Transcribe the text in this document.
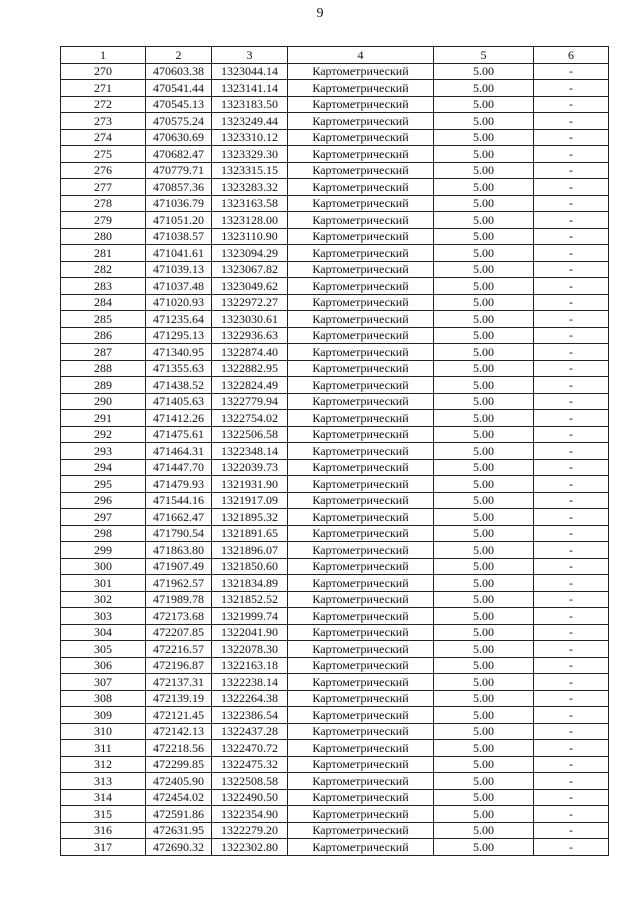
9
1	2	3	4	5	6
270	470603.38	1323044.14	Картометрический	5.00	-
271	470541.44	1323141.14	Картометрический	5.00	-
272	470545.13	1323183.50	Картометрический	5.00	-
273	470575.24	1323249.44	Картометрический	5.00	-
274	470630.69	1323310.12	Картометрический	5.00	-
275	470682.47	1323329.30	Картометрический	5.00	-
276	470779.71	1323315.15	Картометрический	5.00	-
277	470857.36	1323283.32	Картометрический	5.00	-
278	471036.79	1323163.58	Картометрический	5.00	-
279	471051.20	1323128.00	Картометрический	5.00	-
280	471038.57	1323110.90	Картометрический	5.00	-
281	471041.61	1323094.29	Картометрический	5.00	-
282	471039.13	1323067.82	Картометрический	5.00	-
283	471037.48	1323049.62	Картометрический	5.00	-
284	471020.93	1322972.27	Картометрический	5.00	-
285	471235.64	1323030.61	Картометрический	5.00	-
286	471295.13	1322936.63	Картометрический	5.00	-
287	471340.95	1322874.40	Картометрический	5.00	-
288	471355.63	1322882.95	Картометрический	5.00	-
289	471438.52	1322824.49	Картометрический	5.00	-
290	471405.63	1322779.94	Картометрический	5.00	-
291	471412.26	1322754.02	Картометрический	5.00	-
292	471475.61	1322506.58	Картометрический	5.00	-
293	471464.31	1322348.14	Картометрический	5.00	-
294	471447.70	1322039.73	Картометрический	5.00	-
295	471479.93	1321931.90	Картометрический	5.00	-
296	471544.16	1321917.09	Картометрический	5.00	-
297	471662.47	1321895.32	Картометрический	5.00	-
298	471790.54	1321891.65	Картометрический	5.00	-
299	471863.80	1321896.07	Картометрический	5.00	-
300	471907.49	1321850.60	Картометрический	5.00	-
301	471962.57	1321834.89	Картометрический	5.00	-
302	471989.78	1321852.52	Картометрический	5.00	-
303	472173.68	1321999.74	Картометрический	5.00	-
304	472207.85	1322041.90	Картометрический	5.00	-
305	472216.57	1322078.30	Картометрический	5.00	-
306	472196.87	1322163.18	Картометрический	5.00	-
307	472137.31	1322238.14	Картометрический	5.00	-
308	472139.19	1322264.38	Картометрический	5.00	-
309	472121.45	1322386.54	Картометрический	5.00	-
310	472142.13	1322437.28	Картометрический	5.00	-
311	472218.56	1322470.72	Картометрический	5.00	-
312	472299.85	1322475.32	Картометрический	5.00	-
313	472405.90	1322508.58	Картометрический	5.00	-
314	472454.02	1322490.50	Картометрический	5.00	-
315	472591.86	1322354.90	Картометрический	5.00	-
316	472631.95	1322279.20	Картометрический	5.00	-
317	472690.32	1322302.80	Картометрический	5.00	-
